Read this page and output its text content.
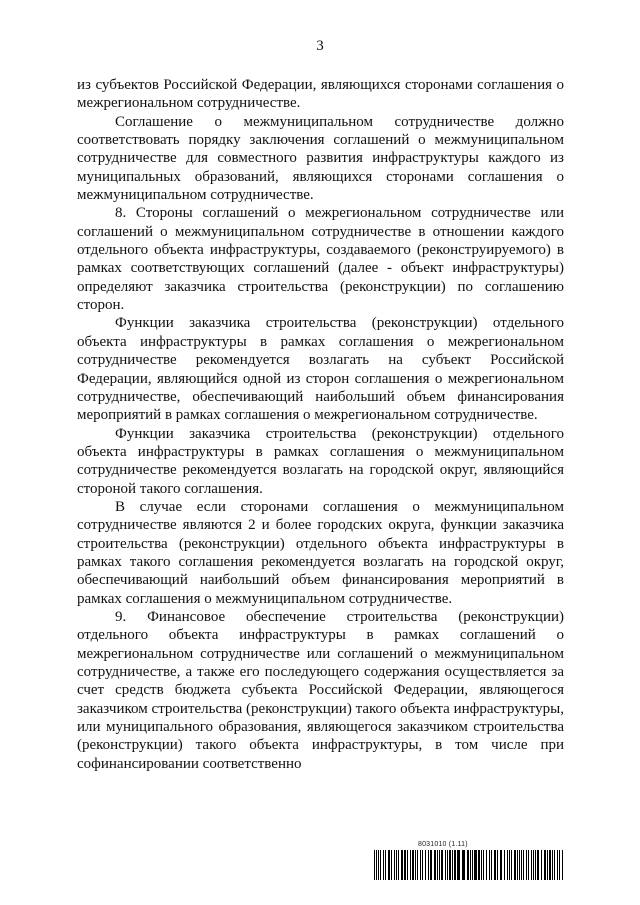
3

из субъектов Российской Федерации, являющихся сторонами соглашения о межрегиональном сотрудничестве.

Соглашение о межмуниципальном сотрудничестве должно соответствовать порядку заключения соглашений о межмуниципальном сотрудничестве для совместного развития инфраструктуры каждого из муниципальных образований, являющихся сторонами соглашения о межмуниципальном сотрудничестве.

8. Стороны соглашений о межрегиональном сотрудничестве или соглашений о межмуниципальном сотрудничестве в отношении каждого отдельного объекта инфраструктуры, создаваемого (реконструируемого) в рамках соответствующих соглашений (далее - объект инфраструктуры) определяют заказчика строительства (реконструкции) по соглашению сторон.

Функции заказчика строительства (реконструкции) отдельного объекта инфраструктуры в рамках соглашения о межрегиональном сотрудничестве рекомендуется возлагать на субъект Российской Федерации, являющийся одной из сторон соглашения о межрегиональном сотрудничестве, обеспечивающий наибольший объем финансирования мероприятий в рамках соглашения о межрегиональном сотрудничестве.

Функции заказчика строительства (реконструкции) отдельного объекта инфраструктуры в рамках соглашения о межмуниципальном сотрудничестве рекомендуется возлагать на городской округ, являющийся стороной такого соглашения.

В случае если сторонами соглашения о межмуниципальном сотрудничестве являются 2 и более городских округа, функции заказчика строительства (реконструкции) отдельного объекта инфраструктуры в рамках такого соглашения рекомендуется возлагать на городской округ, обеспечивающий наибольший объем финансирования мероприятий в рамках соглашения о межмуниципальном сотрудничестве.

9. Финансовое обеспечение строительства (реконструкции) отдельного объекта инфраструктуры в рамках соглашений о межрегиональном сотрудничестве или соглашений о межмуниципальном сотрудничестве, а также его последующего содержания осуществляется за счет средств бюджета субъекта Российской Федерации, являющегося заказчиком строительства (реконструкции) такого объекта инфраструктуры, или муниципального образования, являющегося заказчиком строительства (реконструкции) такого объекта инфраструктуры, в том числе при софинансировании соответственно

8031010 (1.11)
